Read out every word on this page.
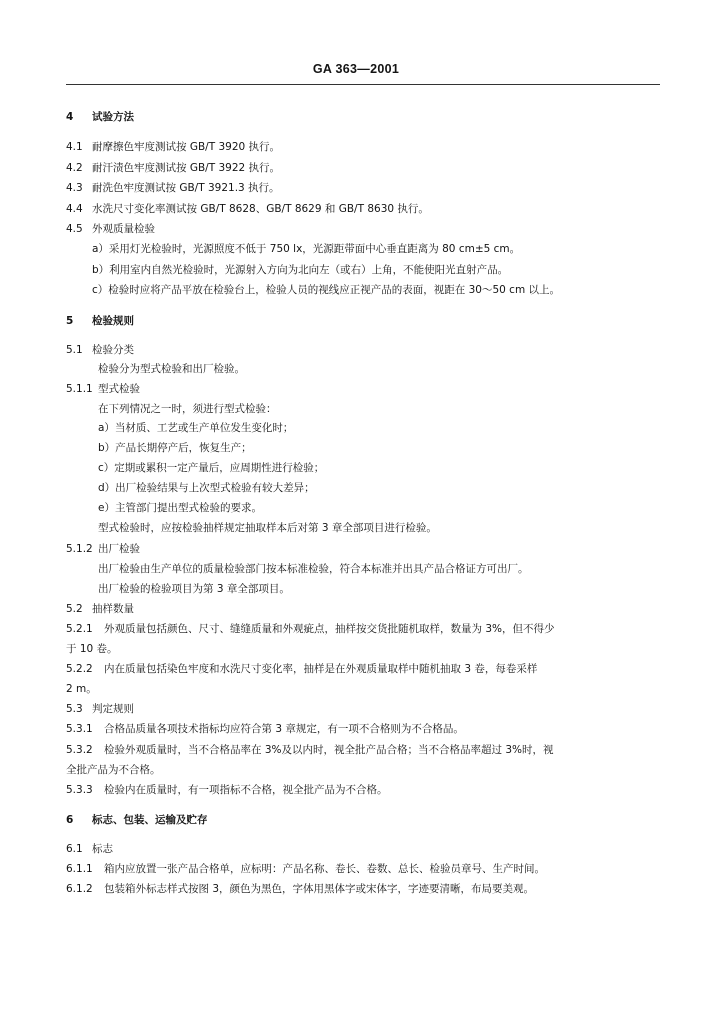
GA 363—2001
4 试验方法
4.1 耐摩擦色牢度测试按 GB/T 3920 执行。
4.2 耐汗渍色牢度测试按 GB/T 3922 执行。
4.3 耐洗色牢度测试按 GB/T 3921.3 执行。
4.4 水洗尺寸变化率测试按 GB/T 8628、GB/T 8629 和 GB/T 8630 执行。
4.5 外观质量检验
a）采用灯光检验时，光源照度不低于 750 lx，光源距带面中心垂直距离为 80 cm±5 cm。
b）利用室内自然光检验时，光源射入方向为北向左（或右）上角，不能使阳光直射产品。
c）检验时应将产品平放在检验台上，检验人员的视线应正视产品的表面，视距在 30～50 cm 以上。
5 检验规则
5.1 检验分类
检验分为型式检验和出厂检验。
5.1.1 型式检验
在下列情况之一时，须进行型式检验：
a）当材质、工艺或生产单位发生变化时；
b）产品长期停产后，恢复生产；
c）定期或累积一定产量后，应周期性进行检验；
d）出厂检验结果与上次型式检验有较大差异；
e）主管部门提出型式检验的要求。
型式检验时，应按检验抽样规定抽取样本后对第 3 章全部项目进行检验。
5.1.2 出厂检验
出厂检验由生产单位的质量检验部门按本标准检验，符合本标准并出具产品合格证方可出厂。
出厂检验的检验项目为第 3 章全部项目。
5.2 抽样数量
5.2.1 外观质量包括颜色、尺寸、缝缝质量和外观疵点，抽样按交货批随机取样，数量为 3%，但不得少
于 10 卷。
5.2.2 内在质量包括染色牢度和水洗尺寸变化率，抽样是在外观质量取样中随机抽取 3 卷，每卷采样
2 m。
5.3 判定规则
5.3.1 合格品质量各项技术指标均应符合第 3 章规定，有一项不合格则为不合格品。
5.3.2 检验外观质量时，当不合格品率在 3%及以内时，视全批产品合格；当不合格品率超过 3%时，视
全批产品为不合格。
5.3.3 检验内在质量时，有一项指标不合格，视全批产品为不合格。
6 标志、包装、运输及贮存
6.1 标志
6.1.1 箱内应放置一张产品合格单，应标明：产品名称、卷长、卷数、总长、检验员章号、生产时间。
6.1.2 包装箱外标志样式按图 3，颜色为黑色，字体用黑体字或宋体字，字迹要清晰，布局要美观。
